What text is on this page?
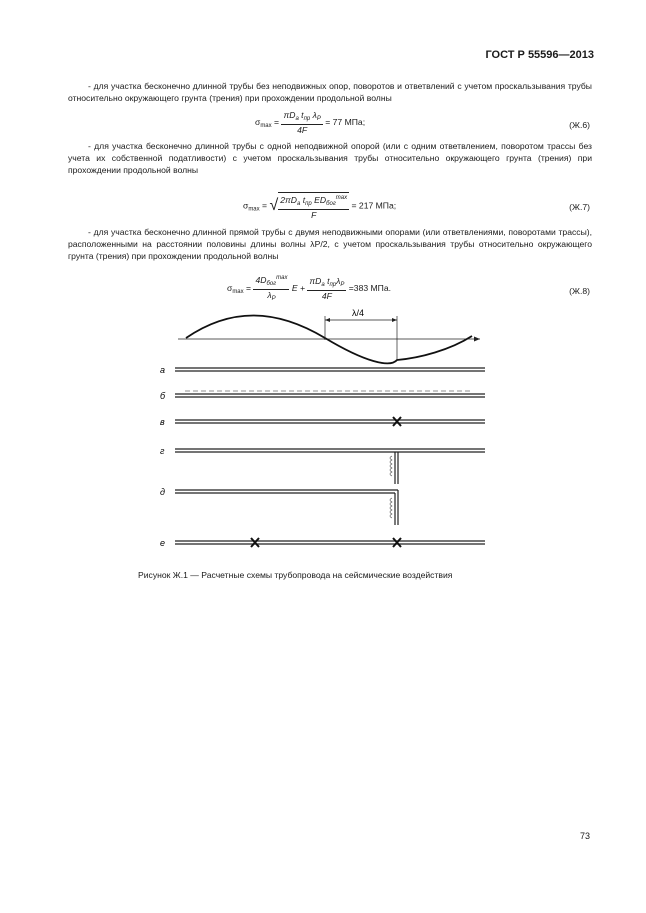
ГОСТ Р 55596—2013
- для участка бесконечно длинной трубы без неподвижных опор, поворотов и ответвлений с учетом проскальзывания трубы относительно окружающего грунта (трения) при прохождении продольной волны
$\sigma_{max} = \frac{\pi D_a t_{пр} \lambda_P}{4F} = 77$ МПа;	(Ж.6)
- для участка бесконечно длинной трубы с одной неподвижной опорой (или с одним ответвлением, поворотом трассы без учета их собственной податливости) с учетом проскальзывания трубы относительно окружающего грунта (трения) при прохождении продольной волны
$\sigma_{max}$ = √ $\frac{2\pi D_a t_{пр} ED_{бог}^{max}}{F} = 217$ МПа;	(Ж.7)
- для участка бесконечно длинной прямой трубы с двумя неподвижными опорами (или ответвлениями, поворотами трассы), расположенными на расстоянии половины длины волны λP/2, с учетом проскальзывания трубы относительно окружающего грунта (трения) при прохождении продольной волны
$\sigma_{max} = \frac{4D_{бог}^{max}}{\lambda_P}$ $E + \frac{\pi D_a t_{пр}\lambda_P}{4F} =383$ МПа.	(Ж.8)
λ/4
а
б
в
г
д
е
Рисунок Ж.1 — Расчетные схемы трубопровода на сейсмические воздействия
73
